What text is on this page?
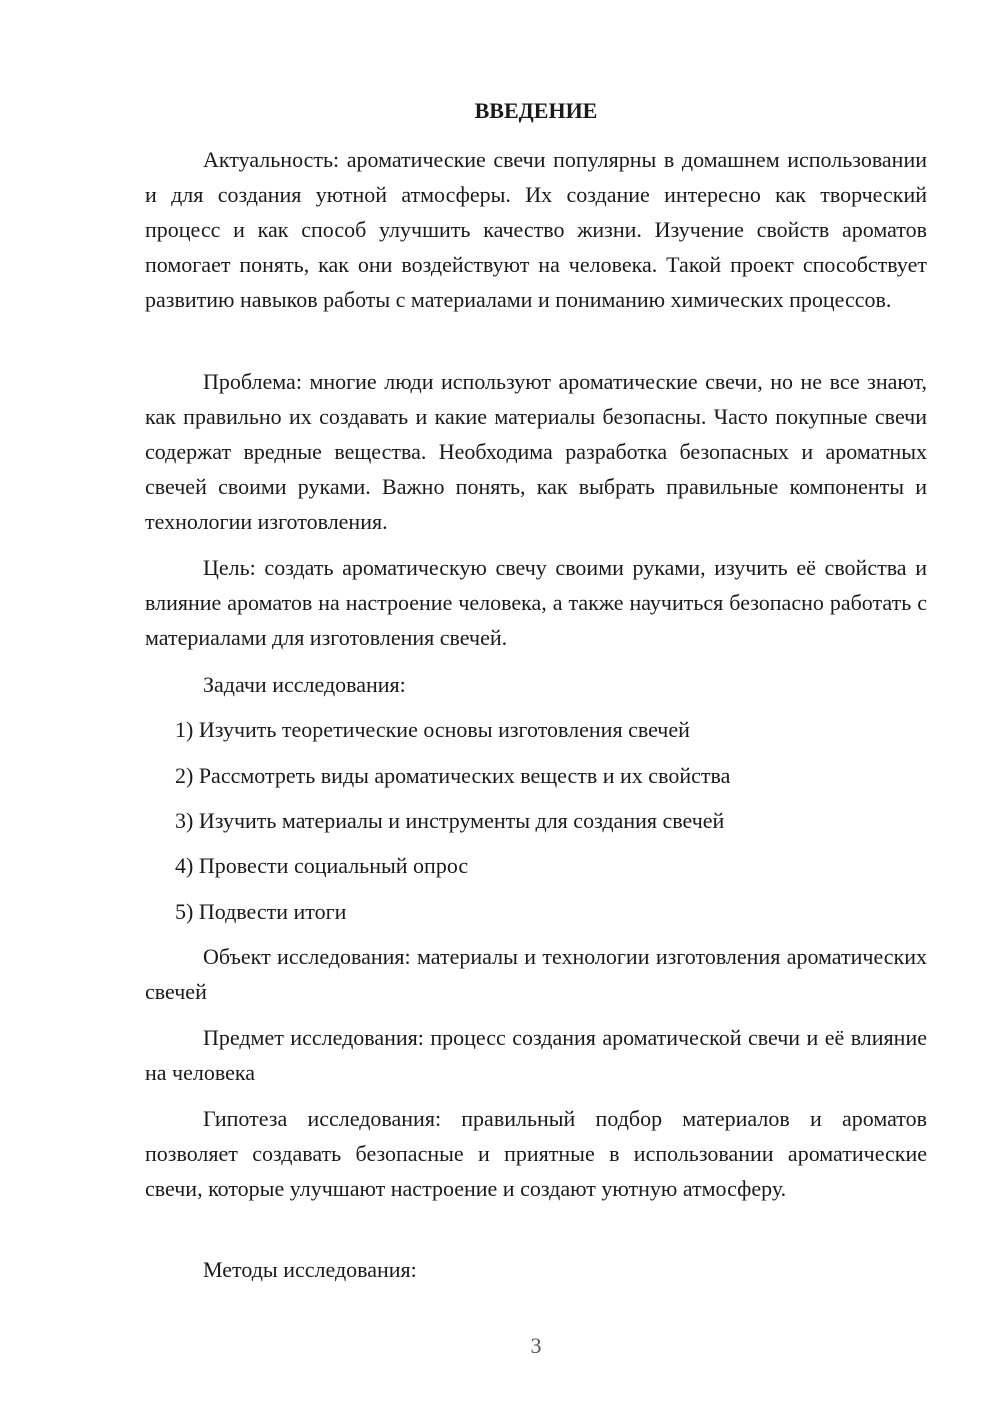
ВВЕДЕНИЕ
Актуальность: ароматические свечи популярны в домашнем использовании и для создания уютной атмосферы. Их создание интересно как творческий процесс и как способ улучшить качество жизни. Изучение свойств ароматов помогает понять, как они воздействуют на человека. Такой проект способствует развитию навыков работы с материалами и пониманию химических процессов.
Проблема: многие люди используют ароматические свечи, но не все знают, как правильно их создавать и какие материалы безопасны. Часто покупные свечи содержат вредные вещества. Необходима разработка безопасных и ароматных свечей своими руками. Важно понять, как выбрать правильные компоненты и технологии изготовления.
Цель: создать ароматическую свечу своими руками, изучить её свойства и влияние ароматов на настроение человека, а также научиться безопасно работать с материалами для изготовления свечей.
Задачи исследования:
1) Изучить теоретические основы изготовления свечей
2) Рассмотреть виды ароматических веществ и их свойства
3) Изучить материалы и инструменты для создания свечей
4) Провести социальный опрос
5) Подвести итоги
Объект исследования: материалы и технологии изготовления ароматических свечей
Предмет исследования: процесс создания ароматической свечи и её влияние на человека
Гипотеза исследования: правильный подбор материалов и ароматов позволяет создавать безопасные и приятные в использовании ароматические свечи, которые улучшают настроение и создают уютную атмосферу.
Методы исследования:
3
